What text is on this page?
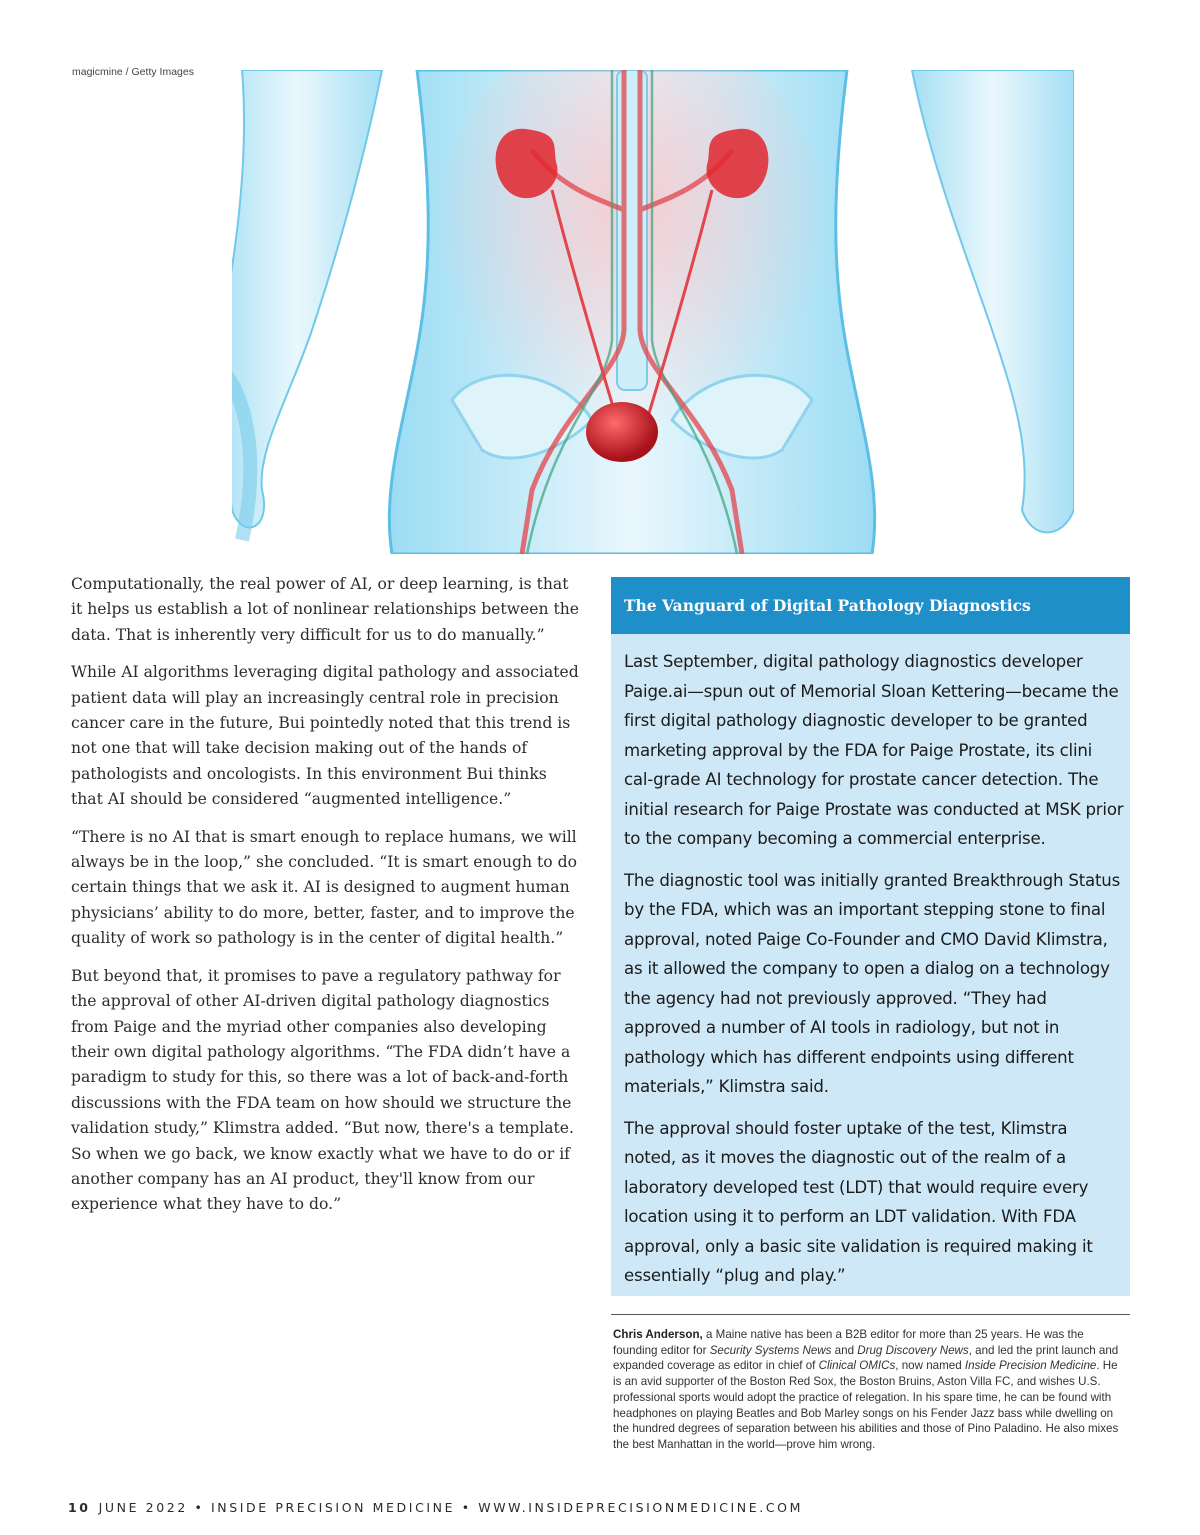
magicmine / Getty Images

Computationally, the real power of AI, or deep learning, is that it helps us establish a lot of nonlinear relationships between the data. That is inherently very difficult for us to do manually.”

While AI algorithms leveraging digital pathology and associated patient data will play an increasingly central role in precision cancer care in the future, Bui pointedly noted that this trend is not one that will take decision making out of the hands of pathologists and oncologists. In this environment Bui thinks that AI should be considered “augmented intelligence.”

“There is no AI that is smart enough to replace humans, we will always be in the loop,” she concluded. “It is smart enough to do certain things that we ask it. AI is designed to augment human physicians’ ability to do more, better, faster, and to improve the quality of work so pathology is in the center of digital health.”

But beyond that, it promises to pave a regulatory pathway for the approval of other AI-driven digital pathology diagnostics from Paige and the myriad other companies also developing their own digital pathology algorithms. “The FDA didn’t have a paradigm to study for this, so there was a lot of back-and-forth discussions with the FDA team on how should we structure the validation study,” Klimstra added. “But now, there's a template. So when we go back, we know exactly what we have to do or if another company has an AI product, they'll know from our experience what they have to do.”

The Vanguard of Digital Pathology Diagnostics

Last September, digital pathology diagnostics developer Paige.ai—spun out of Memorial Sloan Kettering—became the first digital pathology diagnostic developer to be granted marketing approval by the FDA for Paige Prostate, its clini cal-grade AI technology for prostate cancer detection. The initial research for Paige Prostate was conducted at MSK prior to the company becoming a commercial enterprise.

The diagnostic tool was initially granted Breakthrough Status by the FDA, which was an important stepping stone to final approval, noted Paige Co-Founder and CMO David Klimstra, as it allowed the company to open a dialog on a technology the agency had not previously approved. “They had approved a number of AI tools in radiology, but not in pathology which has different endpoints using different materials,” Klimstra said.

The approval should foster uptake of the test, Klimstra noted, as it moves the diagnostic out of the realm of a laboratory developed test (LDT) that would require every location using it to perform an LDT validation. With FDA approval, only a basic site validation is required making it essentially “plug and play.”

Chris Anderson, a Maine native has been a B2B editor for more than 25 years. He was the founding editor for Security Systems News and Drug Discovery News, and led the print launch and expanded coverage as editor in chief of Clinical OMICs, now named Inside Precision Medicine. He is an avid supporter of the Boston Red Sox, the Boston Bruins, Aston Villa FC, and wishes U.S. professional sports would adopt the practice of relegation. In his spare time, he can be found with headphones on playing Beatles and Bob Marley songs on his Fender Jazz bass while dwelling on the hundred degrees of separation between his abilities and those of Pino Paladino. He also mixes the best Manhattan in the world—prove him wrong.
10 JUNE 2022 • INSIDE PRECISION MEDICINE • WWW.INSIDEPRECISIONMEDICINE.COM
